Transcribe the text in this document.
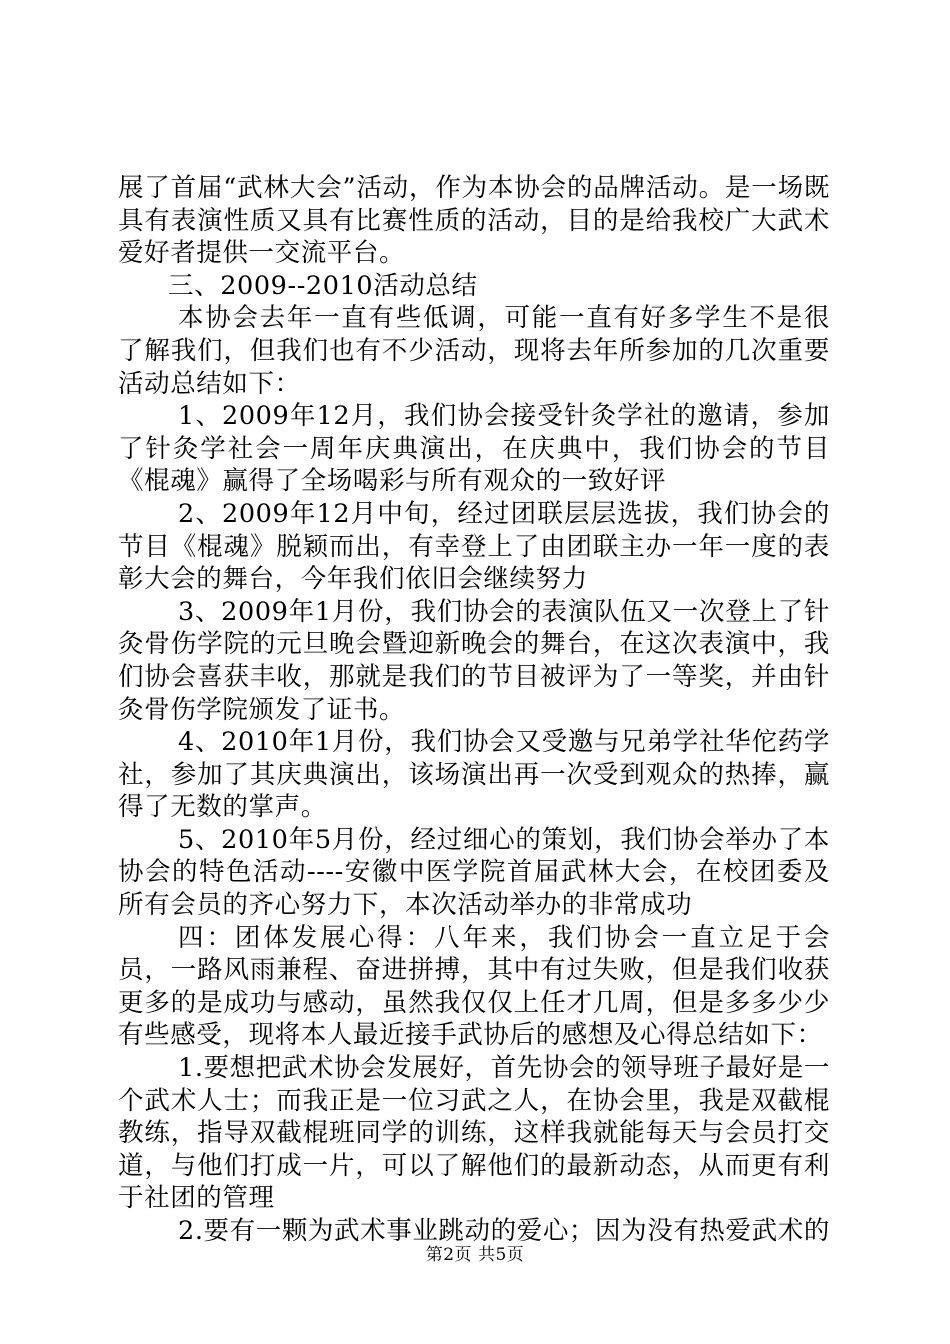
展了首届“武林大会”活动，作为本协会的品牌活动。是一场既具有表演性质又具有比赛性质的活动，目的是给我校广大武术爱好者提供一交流平台。

三、2009--2010活动总结

本协会去年一直有些低调，可能一直有好多学生不是很了解我们，但我们也有不少活动，现将去年所参加的几次重要活动总结如下：

1、2009年12月，我们协会接受针灸学社的邀请，参加了针灸学社会一周年庆典演出，在庆典中，我们协会的节目《棍魂》赢得了全场喝彩与所有观众的一致好评

2、2009年12月中旬，经过团联层层选拔，我们协会的节目《棍魂》脱颖而出，有幸登上了由团联主办一年一度的表彰大会的舞台，今年我们依旧会继续努力

3、2009年1月份，我们协会的表演队伍又一次登上了针灸骨伤学院的元旦晚会暨迎新晚会的舞台，在这次表演中，我们协会喜获丰收，那就是我们的节目被评为了一等奖，并由针灸骨伤学院颁发了证书。

4、2010年1月份，我们协会又受邀与兄弟学社华佗药学社，参加了其庆典演出，该场演出再一次受到观众的热捧，赢得了无数的掌声。

5、2010年5月份，经过细心的策划，我们协会举办了本协会的特色活动----安徽中医学院首届武林大会，在校团委及所有会员的齐心努力下，本次活动举办的非常成功

四：团体发展心得：八年来，我们协会一直立足于会员，一路风雨兼程、奋进拼搏，其中有过失败，但是我们收获更多的是成功与感动，虽然我仅仅上任才几周，但是多多少少有些感受，现将本人最近接手武协后的感想及心得总结如下：

1.要想把武术协会发展好，首先协会的领导班子最好是一个武术人士；而我正是一位习武之人，在协会里，我是双截棍教练，指导双截棍班同学的训练，这样我就能每天与会员打交道，与他们打成一片，可以了解他们的最新动态，从而更有利于社团的管理

2.要有一颗为武术事业跳动的爱心；因为没有热爱武术的

第2页 共5页
